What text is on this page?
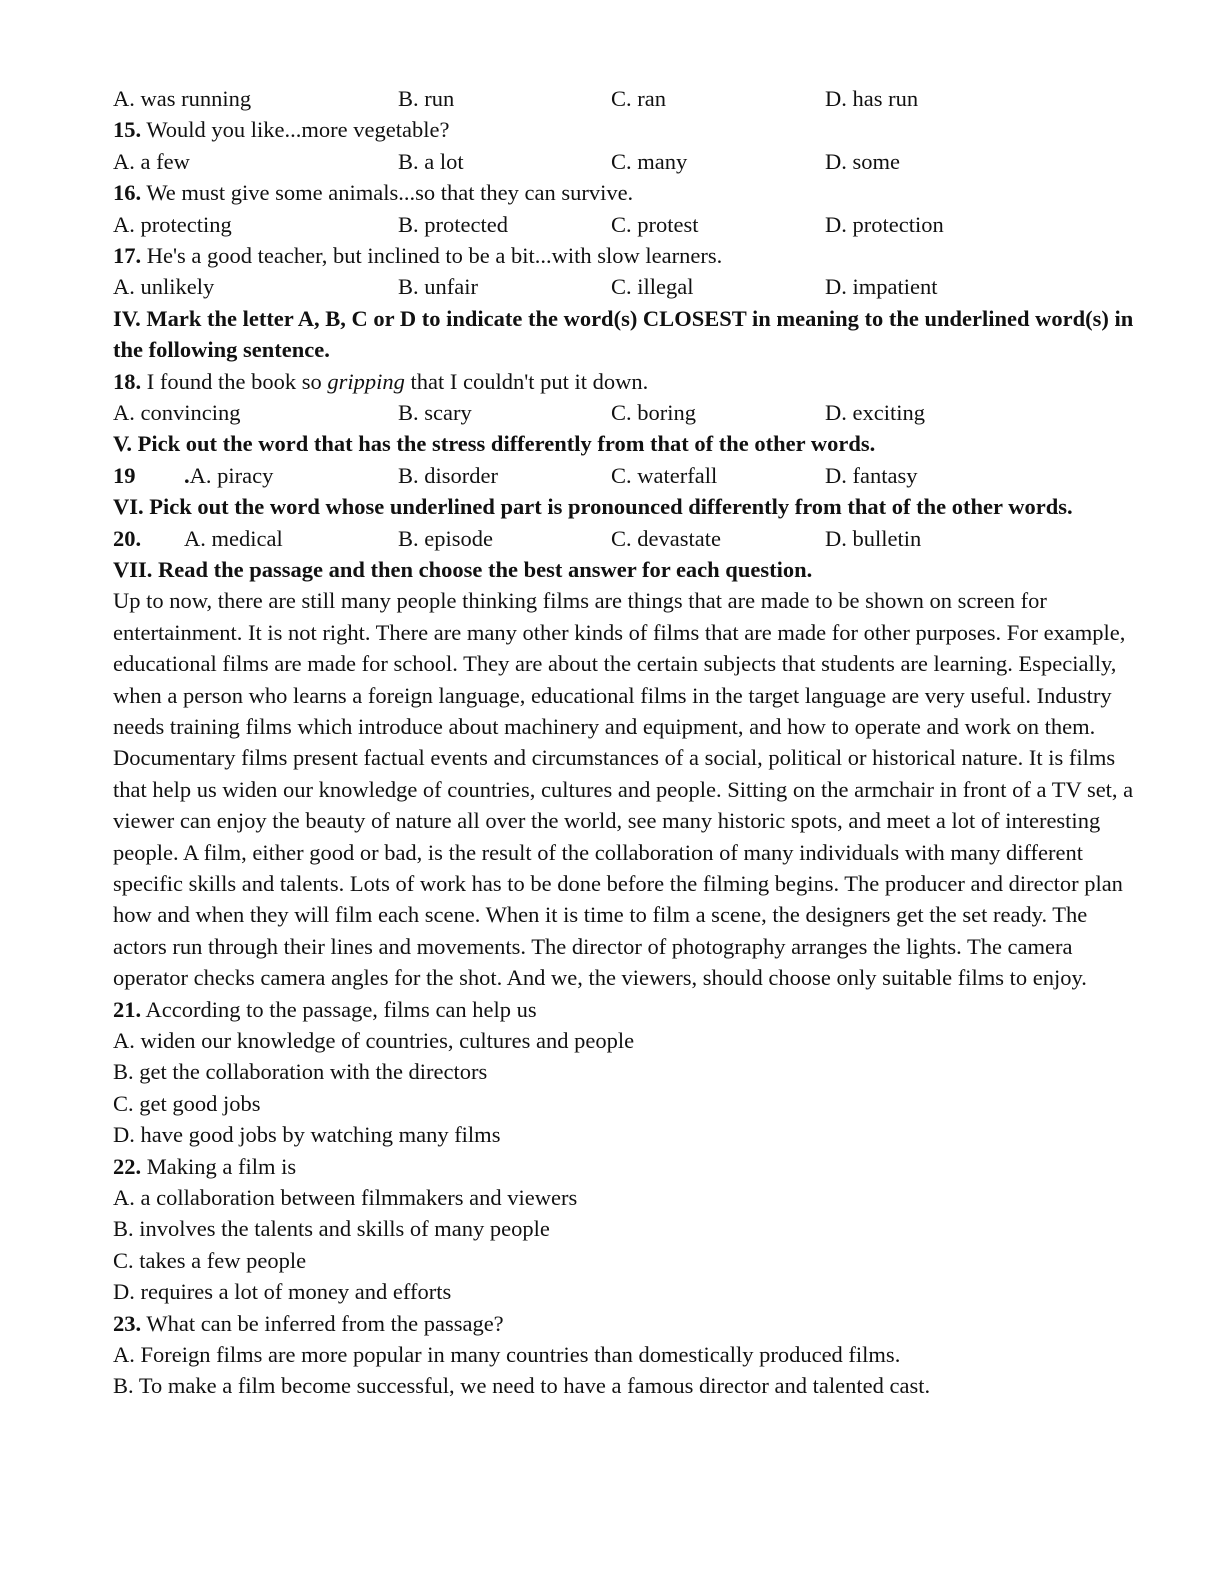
A. was running	B. run	C. ran	D. has run
15. Would you like...more vegetable?
A. a few	B. a lot	C. many	D. some
16. We must give some animals...so that they can survive.
A. protecting	B. protected	C. protest	D. protection
17. He's a good teacher, but inclined to be a bit...with slow learners.
A. unlikely	B. unfair	C. illegal	D. impatient
IV. Mark the letter A, B, C or D to indicate the word(s) CLOSEST in meaning to the underlined word(s) in the following sentence.
18. I found the book so gripping that I couldn't put it down.
A. convincing	B. scary	C. boring	D. exciting
V. Pick out the word that has the stress differently from that of the other words.
19 .A. piracy	B. disorder	C. waterfall	D. fantasy
VI. Pick out the word whose underlined part is pronounced differently from that of the other words.
20. A. medical	B. episode	C. devastate	D. bulletin
VII. Read the passage and then choose the best answer for each question.
Up to now, there are still many people thinking films are things that are made to be shown on screen for entertainment. It is not right. There are many other kinds of films that are made for other purposes. For example, educational films are made for school. They are about the certain subjects that students are learning. Especially, when a person who learns a foreign language, educational films in the target language are very useful. Industry needs training films which introduce about machinery and equipment, and how to operate and work on them.
Documentary films present factual events and circumstances of a social, political or historical nature. It is films that help us widen our knowledge of countries, cultures and people. Sitting on the armchair in front of a TV set, a viewer can enjoy the beauty of nature all over the world, see many historic spots, and meet a lot of interesting people. A film, either good or bad, is the result of the collaboration of many individuals with many different specific skills and talents. Lots of work has to be done before the filming begins. The producer and director plan how and when they will film each scene. When it is time to film a scene, the designers get the set ready. The actors run through their lines and movements. The director of photography arranges the lights. The camera operator checks camera angles for the shot. And we, the viewers, should choose only suitable films to enjoy.
21. According to the passage, films can help us
A. widen our knowledge of countries, cultures and people
B. get the collaboration with the directors
C. get good jobs
D. have good jobs by watching many films
22. Making a film is
A. a collaboration between filmmakers and viewers
B. involves the talents and skills of many people
C. takes a few people
D. requires a lot of money and efforts
23. What can be inferred from the passage?
A. Foreign films are more popular in many countries than domestically produced films.
B. To make a film become successful, we need to have a famous director and talented cast.
